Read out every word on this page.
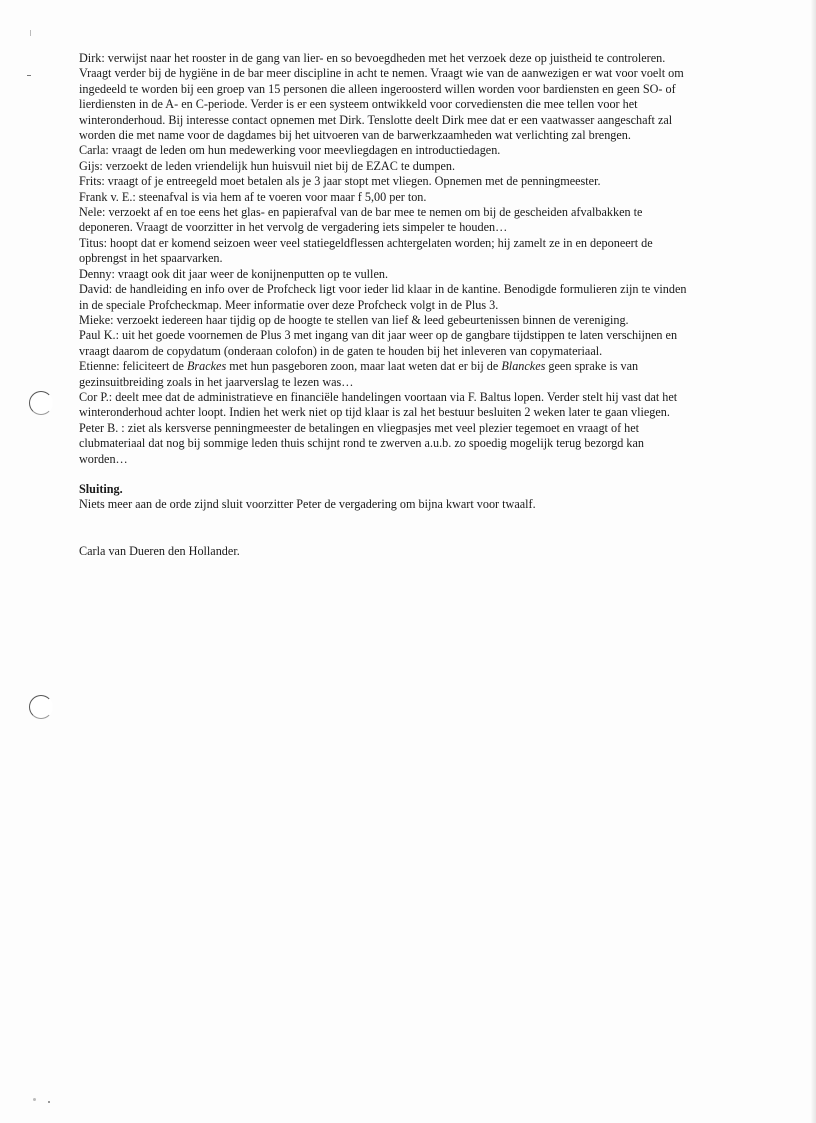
Dirk: verwijst naar het rooster in de gang van lier- en so bevoegdheden met het verzoek deze op juistheid te controleren.
Vraagt verder bij de hygiëne in de bar meer discipline in acht te nemen. Vraagt wie van de aanwezigen er wat voor voelt om
ingedeeld te worden bij een groep van 15 personen die alleen ingeroosterd willen worden voor bardiensten en geen SO- of
lierdiensten in de A- en C-periode. Verder is er een systeem ontwikkeld voor corvediensten die mee tellen voor het
winteronderhoud. Bij interesse contact opnemen met Dirk. Tenslotte deelt Dirk mee dat er een vaatwasser aangeschaft zal
worden die met name voor de dagdames bij het uitvoeren van de barwerkzaamheden wat verlichting zal brengen.
Carla: vraagt de leden om hun medewerking voor meevliegdagen en introductiedagen.
Gijs: verzoekt de leden vriendelijk hun huisvuil niet bij de EZAC te dumpen.
Frits: vraagt of je entreegeld moet betalen als je 3 jaar stopt met vliegen. Opnemen met de penningmeester.
Frank v. E.: steenafval is via hem af te voeren voor maar f 5,00 per ton.
Nele: verzoekt af en toe eens het glas- en papierafval van de bar mee te nemen om bij de gescheiden afvalbakken te
deponeren. Vraagt de voorzitter in het vervolg de vergadering iets simpeler te houden…
Titus: hoopt dat er komend seizoen weer veel statiegeldflessen achtergelaten worden; hij zamelt ze in en deponeert de
opbrengst in het spaarvarken.
Denny: vraagt ook dit jaar weer de konijnenputten op te vullen.
David: de handleiding en info over de Profcheck ligt voor ieder lid klaar in de kantine. Benodigde formulieren zijn te vinden
in de speciale Profcheckmap. Meer informatie over deze Profcheck volgt in de Plus 3.
Mieke: verzoekt iedereen haar tijdig op de hoogte te stellen van lief & leed gebeurtenissen binnen de vereniging.
Paul K.: uit het goede voornemen de Plus 3 met ingang van dit jaar weer op de gangbare tijdstippen te laten verschijnen en
vraagt daarom de copydatum (onderaan colofon) in de gaten te houden bij het inleveren van copymateriaal.
Etienne: feliciteert de Brackes met hun pasgeboren zoon, maar laat weten dat er bij de Blanckes geen sprake is van
gezinsuitbreiding zoals in het jaarverslag te lezen was…
Cor P.: deelt mee dat de administratieve en financiële handelingen voortaan via F. Baltus lopen. Verder stelt hij vast dat het
winteronderhoud achter loopt. Indien het werk niet op tijd klaar is zal het bestuur besluiten 2 weken later te gaan vliegen.
Peter B. : ziet als kersverse penningmeester de betalingen en vliegpasjes met veel plezier tegemoet en vraagt of het
clubmateriaal dat nog bij sommige leden thuis schijnt rond te zwerven a.u.b. zo spoedig mogelijk terug bezorgd kan
worden…
Sluiting.
Niets meer aan de orde zijnd sluit voorzitter Peter de vergadering om bijna kwart voor twaalf.
Carla van Dueren den Hollander.
